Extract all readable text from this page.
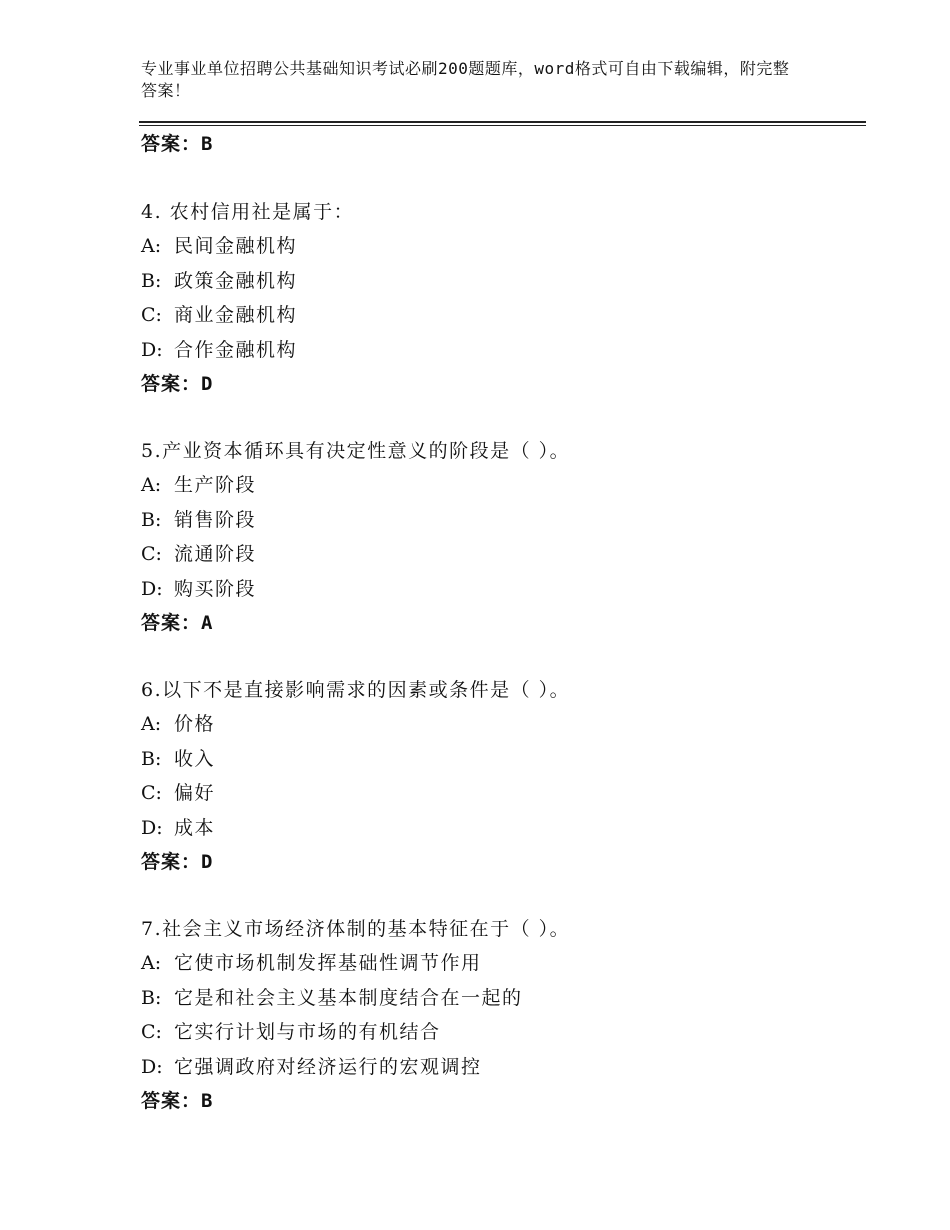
专业事业单位招聘公共基础知识考试必刷200题题库，word格式可自由下载编辑，附完整答案！
答案：B
4. 农村信用社是属于：
A: 民间金融机构
B: 政策金融机构
C: 商业金融机构
D: 合作金融机构
答案：D
5.产业资本循环具有决定性意义的阶段是（ ）。
A: 生产阶段
B: 销售阶段
C: 流通阶段
D: 购买阶段
答案：A
6.以下不是直接影响需求的因素或条件是（ ）。
A: 价格
B: 收入
C: 偏好
D: 成本
答案：D
7.社会主义市场经济体制的基本特征在于（ ）。
A: 它使市场机制发挥基础性调节作用
B: 它是和社会主义基本制度结合在一起的
C: 它实行计划与市场的有机结合
D: 它强调政府对经济运行的宏观调控
答案：B
